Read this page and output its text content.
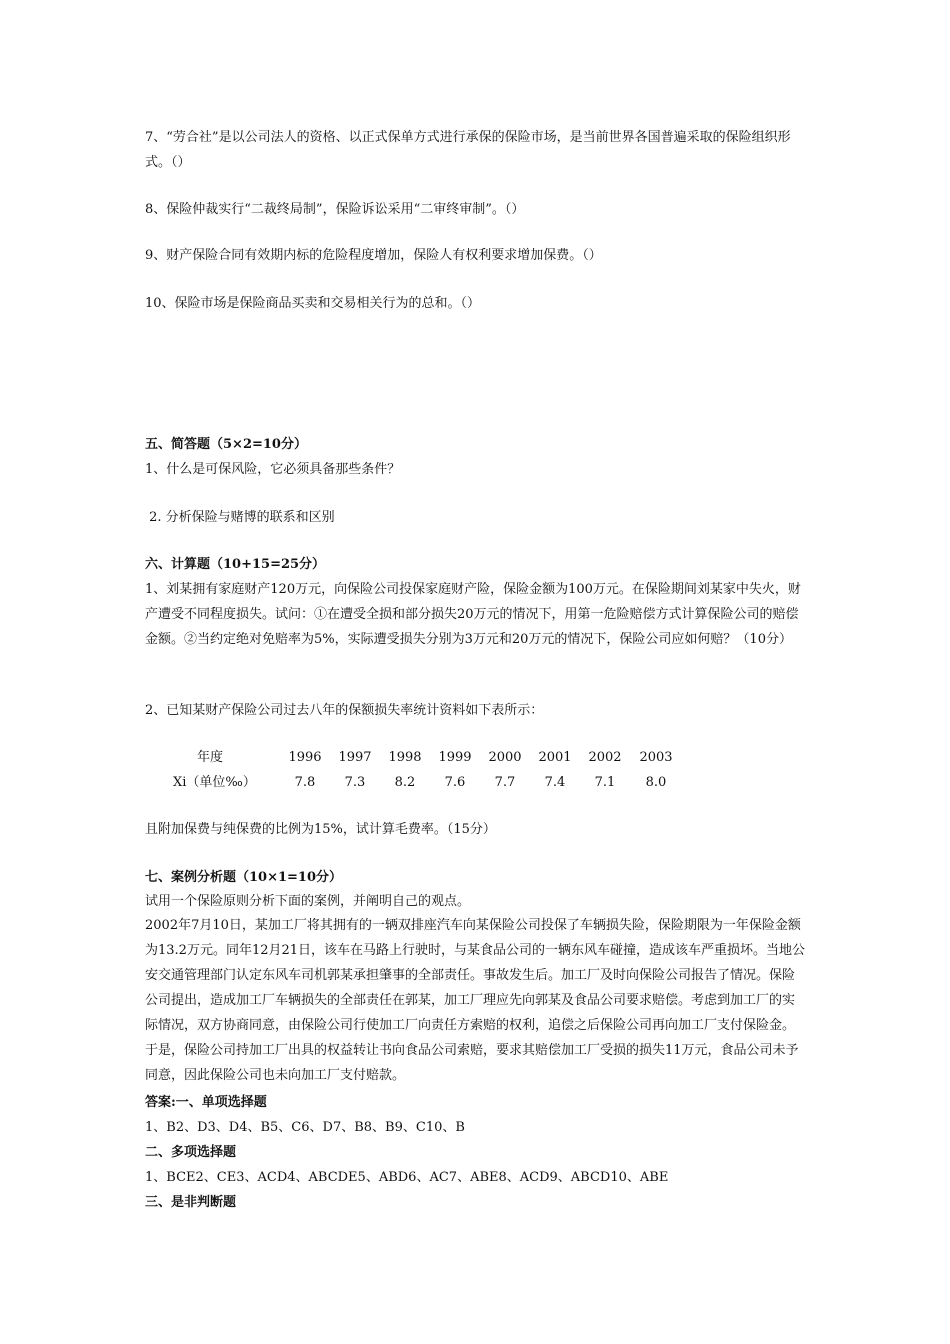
7、“劳合社”是以公司法人的资格、以正式保单方式进行承保的保险市场，是当前世界各国普遍采取的保险组织形式。（）

8、保险仲裁实行“二裁终局制”，保险诉讼采用“二审终审制”。（）

9、财产保险合同有效期内标的危险程度增加，保险人有权利要求增加保费。（）

10、保险市场是保险商品买卖和交易相关行为的总和。（）

五、简答题（5×2=10分）

1、什么是可保风险，它必须具备那些条件？

2. 分析保险与赌博的联系和区别

六、计算题（10+15=25分）

1、刘某拥有家庭财产120万元，向保险公司投保家庭财产险，保险金额为100万元。在保险期间刘某家中失火，财产遭受不同程度损失。试问：①在遭受全损和部分损失20万元的情况下，用第一危险赔偿方式计算保险公司的赔偿金额。②当约定绝对免赔率为5%，实际遭受损失分别为3万元和20万元的情况下，保险公司应如何赔？（10分）

2、已知某财产保险公司过去八年的保额损失率统计资料如下表所示：

年度	1996	1997	1998	1999	2000	2001	2002	2003
Xi（单位‰）	7.8	7.3	8.2	7.6	7.7	7.4	7.1	8.0

且附加保费与纯保费的比例为15%，试计算毛费率。（15分）

七、案例分析题（10×1=10分）

试用一个保险原则分析下面的案例，并阐明自己的观点。

2002年7月10日，某加工厂将其拥有的一辆双排座汽车向某保险公司投保了车辆损失险，保险期限为一年保险金额为13.2万元。同年12月21日，该车在马路上行驶时，与某食品公司的一辆东风车碰撞，造成该车严重损坏。当地公安交通管理部门认定东风车司机郭某承担肇事的全部责任。事故发生后。加工厂及时向保险公司报告了情况。保险公司提出，造成加工厂车辆损失的全部责任在郭某，加工厂理应先向郭某及食品公司要求赔偿。考虑到加工厂的实际情况，双方协商同意，由保险公司行使加工厂向责任方索赔的权利，追偿之后保险公司再向加工厂支付保险金。于是，保险公司持加工厂出具的权益转让书向食品公司索赔，要求其赔偿加工厂受损的损失11万元，食品公司未予同意，因此保险公司也未向加工厂支付赔款。

答案:一、单项选择题

1、B2、D3、D4、B5、C6、D7、B8、B9、C10、B

二、多项选择题

1、BCE2、CE3、ACD4、ABCDE5、ABD6、AC7、ABE8、ACD9、ABCD10、ABE

三、是非判断题
